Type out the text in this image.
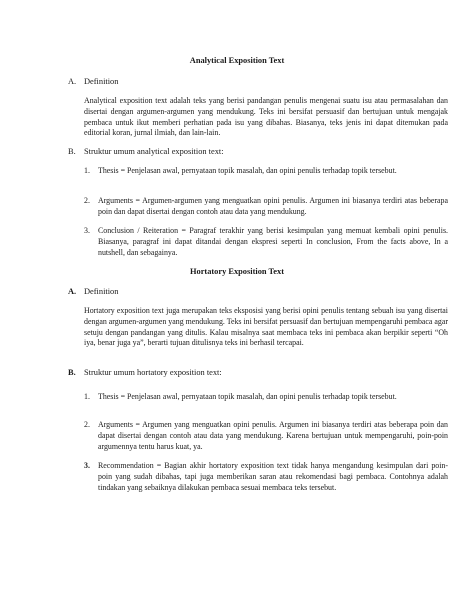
Analytical Exposition Text
A. Definition
Analytical exposition text adalah teks yang berisi pandangan penulis mengenai suatu isu atau permasalahan dan disertai dengan argumen-argumen yang mendukung. Teks ini bersifat persuasif dan bertujuan untuk mengajak pembaca untuk ikut memberi perhatian pada isu yang dibahas. Biasanya, teks jenis ini dapat ditemukan pada editorial koran, jurnal ilmiah, dan lain-lain.
B. Struktur umum analytical exposition text:
1. Thesis = Penjelasan awal, pernyataan topik masalah, dan opini penulis terhadap topik tersebut.
2. Arguments = Argumen-argumen yang menguatkan opini penulis. Argumen ini biasanya terdiri atas beberapa poin dan dapat disertai dengan contoh atau data yang mendukung.
3. Conclusion / Reiteration = Paragraf terakhir yang berisi kesimpulan yang memuat kembali opini penulis. Biasanya, paragraf ini dapat ditandai dengan ekspresi seperti In conclusion, From the facts above, In a nutshell, dan sebagainya.
Hortatory Exposition Text
A. Definition
Hortatory exposition text juga merupakan teks eksposisi yang berisi opini penulis tentang sebuah isu yang disertai dengan argumen-argumen yang mendukung. Teks ini bersifat persuasif dan bertujuan mempengaruhi pembaca agar setuju dengan pandangan yang ditulis. Kalau misalnya saat membaca teks ini pembaca akan berpikir seperti “Oh iya, benar juga ya”, berarti tujuan ditulisnya teks ini berhasil tercapai.
B. Struktur umum hortatory exposition text:
1. Thesis = Penjelasan awal, pernyataan topik masalah, dan opini penulis terhadap topik tersebut.
2. Arguments = Argumen yang menguatkan opini penulis. Argumen ini biasanya terdiri atas beberapa poin dan dapat disertai dengan contoh atau data yang mendukung. Karena bertujuan untuk mempengaruhi, poin-poin argumennya tentu harus kuat, ya.
3. Recommendation = Bagian akhir hortatory exposition text tidak hanya mengandung kesimpulan dari poin-poin yang sudah dibahas, tapi juga memberikan saran atau rekomendasi bagi pembaca. Contohnya adalah tindakan yang sebaiknya dilakukan pembaca sesuai membaca teks tersebut.
